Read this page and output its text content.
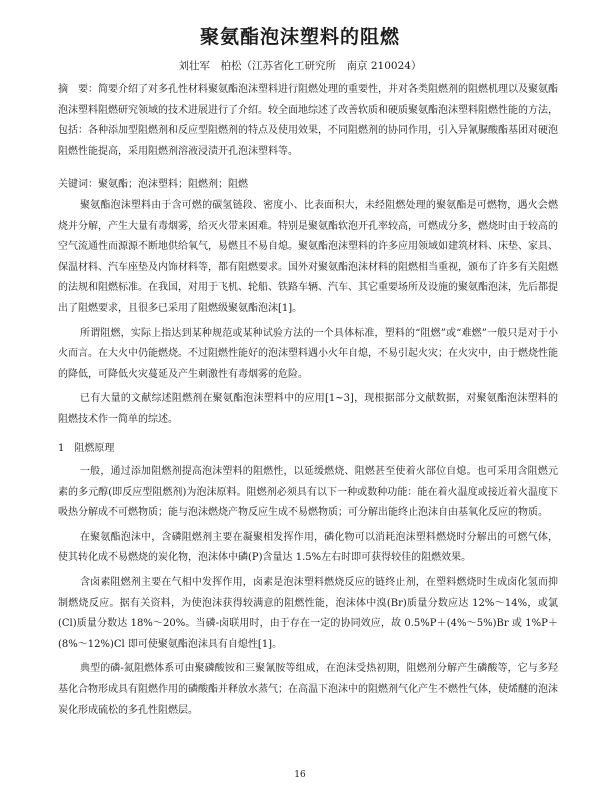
聚氨酯泡沫塑料的阻燃
刘壮军　柏松（江苏省化工研究所　南京 210024）
摘　要：简要介绍了对多孔性材料聚氨酯泡沫塑料进行阻燃处理的重要性，并对各类阻燃剂的阻燃机理以及聚氨酯泡沫塑料阻燃研究领域的技术进展进行了介绍。较全面地综述了改善软质和硬质聚氨酯泡沫塑料阻燃性能的方法，包括：各种添加型阻燃剂和反应型阻燃剂的特点及使用效果，不同阻燃剂的协同作用，引入异氰脲酸酯基团对硬泡阻燃性能提高，采用阻燃剂溶液浸渍开孔泡沫塑料等。
关键词：聚氨酯；泡沫塑料；阻燃剂；阻燃

聚氨酯泡沫塑料由于含可燃的碳氢链段、密度小、比表面积大，未经阻燃处理的聚氨酯是可燃物，遇火会燃烧并分解，产生大量有毒烟雾，给灭火带来困难。特别是聚氨酯软泡开孔率较高，可燃成分多，燃烧时由于较高的空气流通性而源源不断地供给氧气，易燃且不易自熄。聚氨酯泡沫塑料的许多应用领域如建筑材料、床垫、家具、保温材料、汽车座垫及内饰材料等，都有阻燃要求。国外对聚氨酯泡沫材料的阻燃相当重视，颁布了许多有关阻燃的法规和阻燃标准。在我国，对用于飞机、轮船、铁路车辆、汽车、其它重要场所及设施的聚氨酯泡沫，先后都提出了阻燃要求，且很多已采用了阻燃级聚氨酯泡沫[1]。

所谓阻燃，实际上指达到某种规范或某种试验方法的一个具体标准，塑料的“阻燃”或“难燃”一般只是对于小火而言。在大火中仍能燃烧。不过阻燃性能好的泡沫塑料遇小火年自熄，不易引起火灾；在火灾中，由于燃烧性能的降低，可降低火灾蔓延及产生刺激性有毒烟雾的危险。

已有大量的文献综述阻燃剂在聚氨酯泡沫塑料中的应用[1~3]，现根据部分文献数据，对聚氨酯泡沫塑料的阻燃技术作一简单的综述。

1　阻燃原理

一般，通过添加阻燃剂提高泡沫塑料的阻燃性，以延缓燃烧、阻燃甚至使着火部位自熄。也可采用含阻燃元素的多元醇(即反应型阻燃剂)为泡沫原料。阻燃剂必须具有以下一种或数种功能：能在着火温度或接近着火温度下吸热分解成不可燃物质；能与泡沫燃烧产物反应生成不易燃物质；可分解出能终止泡沫自由基氧化反应的物质。

在聚氨酯泡沫中，含磷阻燃剂主要在凝聚相发挥作用，磷化物可以消耗泡沫塑料燃烧时分解出的可燃气体，使其转化成不易燃烧的炭化物，泡沫体中磷(P)含量达 1.5%左右时即可获得较佳的阻燃效果。

含卤素阻燃剂主要在气相中发挥作用，卤素是泡沫塑料燃烧反应的链终止剂，在塑料燃烧时生成卤化氢而抑制燃烧反应。据有关资料，为使泡沫获得较满意的阻燃性能，泡沫体中溴(Br)质量分数应达 12%～14%，或氯(Cl)质量分数达 18%～20%。当磷-卤联用时，由于存在一定的协同效应，故 0.5%P＋(4%～5%)Br 或 1%P＋(8%～12%)Cl 即可使聚氨酯泡沫具有自熄性[1]。

典型的磷-氮阻燃体系可由聚磷酸铵和三聚氰胺等组成，在泡沫受热初期，阻燃剂分解产生磷酸等，它与多羟基化合物形成具有阻燃作用的磷酸酯并释放水蒸气；在高温下泡沫中的阻燃剂气化产生不燃性气体，使烯醚的泡沫炭化形成硫松的多孔性阻燃层。

16
